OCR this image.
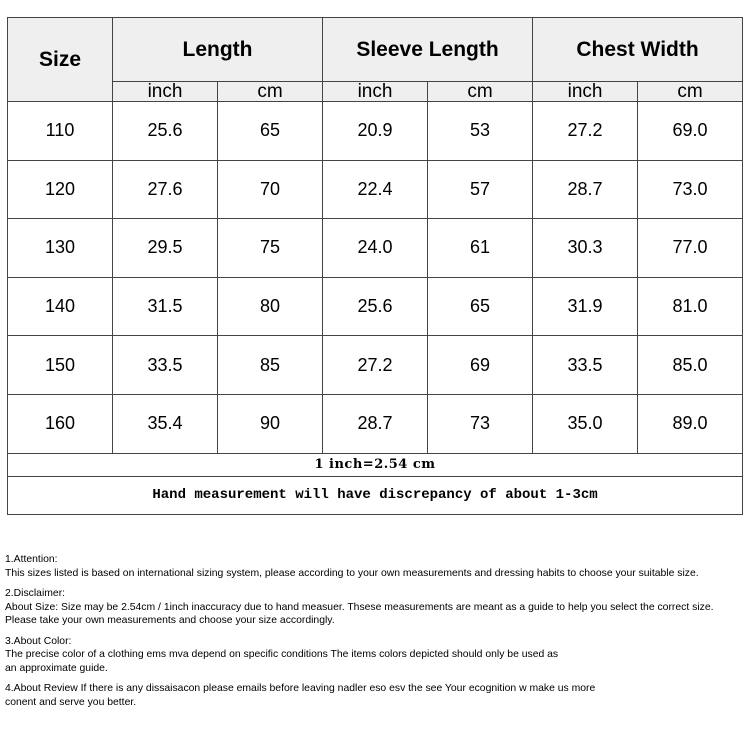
Size	Length		Sleeve Length		Chest Width	
	inch	cm	inch	cm	inch	cm
110	25.6	65	20.9	53	27.2	69.0
120	27.6	70	22.4	57	28.7	73.0
130	29.5	75	24.0	61	30.3	77.0
140	31.5	80	25.6	65	31.9	81.0
150	33.5	85	27.2	69	33.5	85.0
160	35.4	90	28.7	73	35.0	89.0
1 inch=2.54 cm						
Hand measurement will have discrepancy of about 1-3cm						

1.Attention:

This sizes listed is based on international sizing system, please according to your own measurements and dressing habits to choose your suitable size.

2.Disclaimer:

About Size: Size may be 2.54cm / 1inch inaccuracy due to hand measuer. Thsese measurements are meant as a guide to help you select the correct size.

Please take your own measurements and choose your size accordingly.

3.About Color:

The precise color of a clothing ems mva depend on specific conditions The items colors depicted should only be used as

an approximate guide.

4.About Review If there is any dissaisacon please emails before leaving nadler eso esv the see Your ecognition w make us more

conent and serve you better.
